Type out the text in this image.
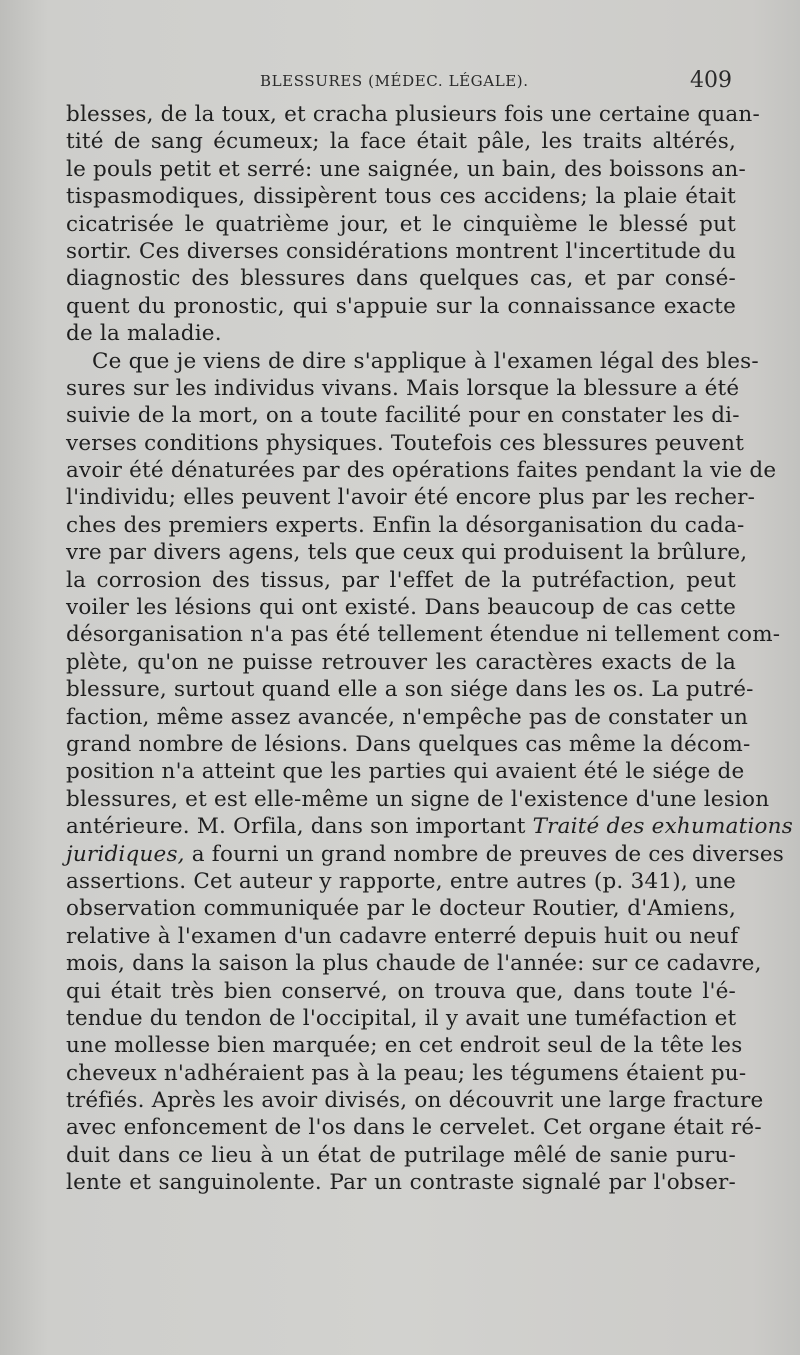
BLESSURES (MÉDEC. LÉGALE).	409
blesses, de la toux, et cracha plusieurs fois une certaine quan-
tité de sang écumeux; la face était pâle, les traits altérés,
le pouls petit et serré: une saignée, un bain, des boissons an-
tispasmodiques, dissipèrent tous ces accidens; la plaie était
cicatrisée le quatrième jour, et le cinquième le blessé put
sortir. Ces diverses considérations montrent l'incertitude du
diagnostic des blessures dans quelques cas, et par consé-
quent du pronostic, qui s'appuie sur la connaissance exacte
de la maladie.
Ce que je viens de dire s'applique à l'examen légal des bles-
sures sur les individus vivans. Mais lorsque la blessure a été
suivie de la mort, on a toute facilité pour en constater les di-
verses conditions physiques. Toutefois ces blessures peuvent
avoir été dénaturées par des opérations faites pendant la vie de
l'individu; elles peuvent l'avoir été encore plus par les recher-
ches des premiers experts. Enfin la désorganisation du cada-
vre par divers agens, tels que ceux qui produisent la brûlure,
la corrosion des tissus, par l'effet de la putréfaction, peut
voiler les lésions qui ont existé. Dans beaucoup de cas cette
désorganisation n'a pas été tellement étendue ni tellement com-
plète, qu'on ne puisse retrouver les caractères exacts de la
blessure, surtout quand elle a son siége dans les os. La putré-
faction, même assez avancée, n'empêche pas de constater un
grand nombre de lésions. Dans quelques cas même la décom-
position n'a atteint que les parties qui avaient été le siége de
blessures, et est elle-même un signe de l'existence d'une lesion
antérieure. M. Orfila, dans son important Traité des exhumations
juridiques, a fourni un grand nombre de preuves de ces diverses
assertions. Cet auteur y rapporte, entre autres (p. 341), une
observation communiquée par le docteur Routier, d'Amiens,
relative à l'examen d'un cadavre enterré depuis huit ou neuf
mois, dans la saison la plus chaude de l'année: sur ce cadavre,
qui était très bien conservé, on trouva que, dans toute l'é-
tendue du tendon de l'occipital, il y avait une tuméfaction et
une mollesse bien marquée; en cet endroit seul de la tête les
cheveux n'adhéraient pas à la peau; les tégumens étaient pu-
tréfiés. Après les avoir divisés, on découvrit une large fracture
avec enfoncement de l'os dans le cervelet. Cet organe était ré-
duit dans ce lieu à un état de putrilage mêlé de sanie puru-
lente et sanguinolente. Par un contraste signalé par l'obser-
